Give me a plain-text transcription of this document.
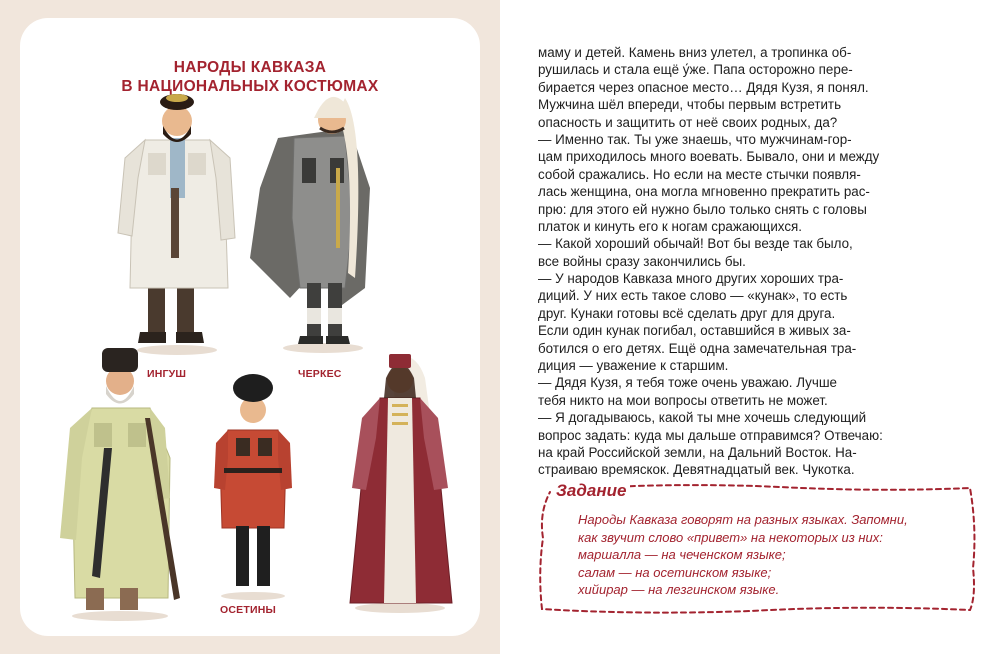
НАРОДЫ КАВКАЗА
В НАЦИОНАЛЬНЫХ КОСТЮМАХ
ИНГУШ	ЧЕРКЕС
ОСЕТИНЫ
маму и детей. Камень вниз улетел, а тропинка об-
рушилась и стала ещё у́же. Папа осторожно пере-
бирается через опасное место… Дядя Кузя, я понял.
Мужчина шёл впереди, чтобы первым встретить
опасность и защитить от неё своих родных, да?
— Именно так. Ты уже знаешь, что мужчинам-гор-
цам приходилось много воевать. Бывало, они и между
собой сражались. Но если на месте стычки появля-
лась женщина, она могла мгновенно прекратить рас-
прю: для этого ей нужно было только снять с головы
платок и кинуть его к ногам сражающихся.
— Какой хороший обычай! Вот бы везде так было,
все войны сразу закончились бы.
— У народов Кавказа много других хороших тра-
диций. У них есть такое слово — «кунак», то есть
друг. Кунаки готовы всё сделать друг для друга.
Если один кунак погибал, оставшийся в живых за-
ботился о его детях. Ещё одна замечательная тра-
диция — уважение к старшим.
— Дядя Кузя, я тебя тоже очень уважаю. Лучше
тебя никто на мои вопросы ответить не может.
— Я догадываюсь, какой ты мне хочешь следующий
вопрос задать: куда мы дальше отправимся? Отвечаю:
на край Российской земли, на Дальний Восток. На-
страиваю времяскок. Девятнадцатый век. Чукотка.
Задание
Народы Кавказа говорят на разных языках. Запомни,
как звучит слово «привет» на некоторых из них:
маршалла — на чеченском языке;
салам — на осетинском языке;
хийирар — на лезгинском языке.
